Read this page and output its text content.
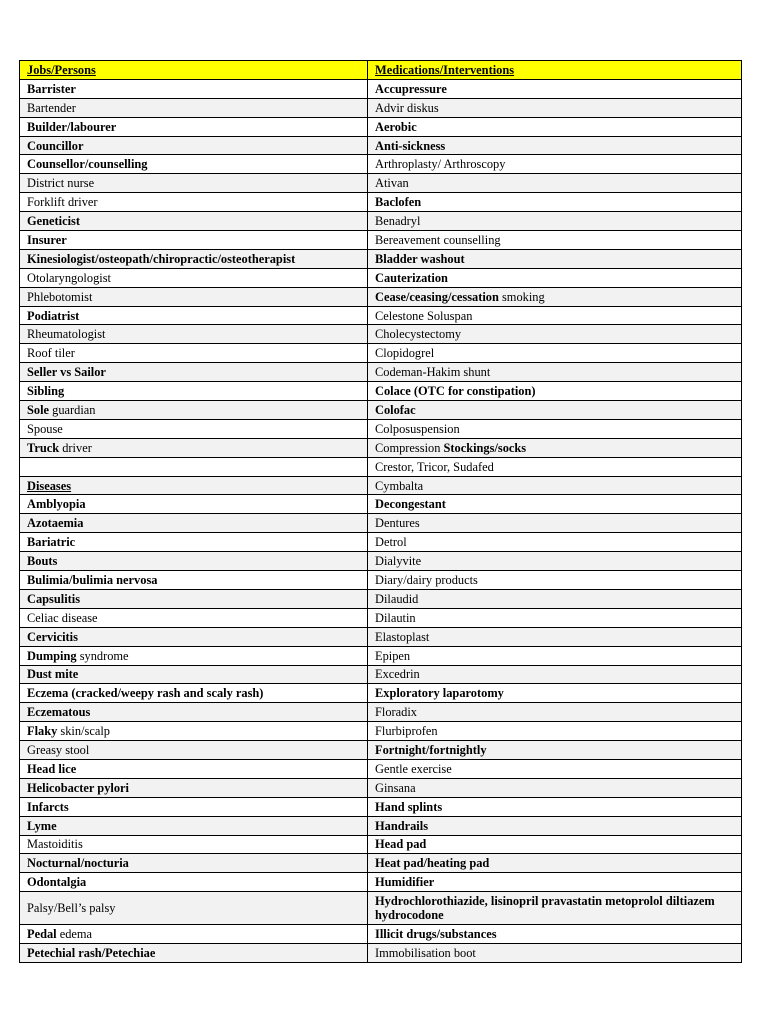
Jobs/Persons	Medications/Interventions
Barrister	Accupressure
Bartender	Advir diskus
Builder/labourer	Aerobic
Councillor	Anti-sickness
Counsellor/counselling	Arthroplasty/ Arthroscopy
District nurse	Ativan
Forklift driver	Baclofen
Geneticist	Benadryl
Insurer	Bereavement counselling
Kinesiologist/osteopath/chiropractic/osteotherapist	Bladder washout
Otolaryngologist	Cauterization
Phlebotomist	Cease/ceasing/cessation smoking
Podiatrist	Celestone Soluspan
Rheumatologist	Cholecystectomy
Roof tiler	Clopidogrel
Seller vs Sailor	Codeman-Hakim shunt
Sibling	Colace (OTC for constipation)
Sole guardian	Colofac
Spouse	Colposuspension
Truck driver	Compression Stockings/socks
	Crestor, Tricor, Sudafed
Diseases	Cymbalta
Amblyopia	Decongestant
Azotaemia	Dentures
Bariatric	Detrol
Bouts	Dialyvite
Bulimia/bulimia nervosa	Diary/dairy products
Capsulitis	Dilaudid
Celiac disease	Dilautin
Cervicitis	Elastoplast
Dumping syndrome	Epipen
Dust mite	Excedrin
Eczema (cracked/weepy rash and scaly rash)	Exploratory laparotomy
Eczematous	Floradix
Flaky skin/scalp	Flurbiprofen
Greasy stool	Fortnight/fortnightly
Head lice	Gentle exercise
Helicobacter pylori	Ginsana
Infarcts	Hand splints
Lyme	Handrails
Mastoiditis	Head pad
Nocturnal/nocturia	Heat pad/heating pad
Odontalgia	Humidifier
Palsy/Bell’s palsy	Hydrochlorothiazide, lisinopril pravastatin metoprolol diltiazem hydrocodone
Pedal edema	Illicit drugs/substances
Petechial rash/Petechiae	Immobilisation boot
